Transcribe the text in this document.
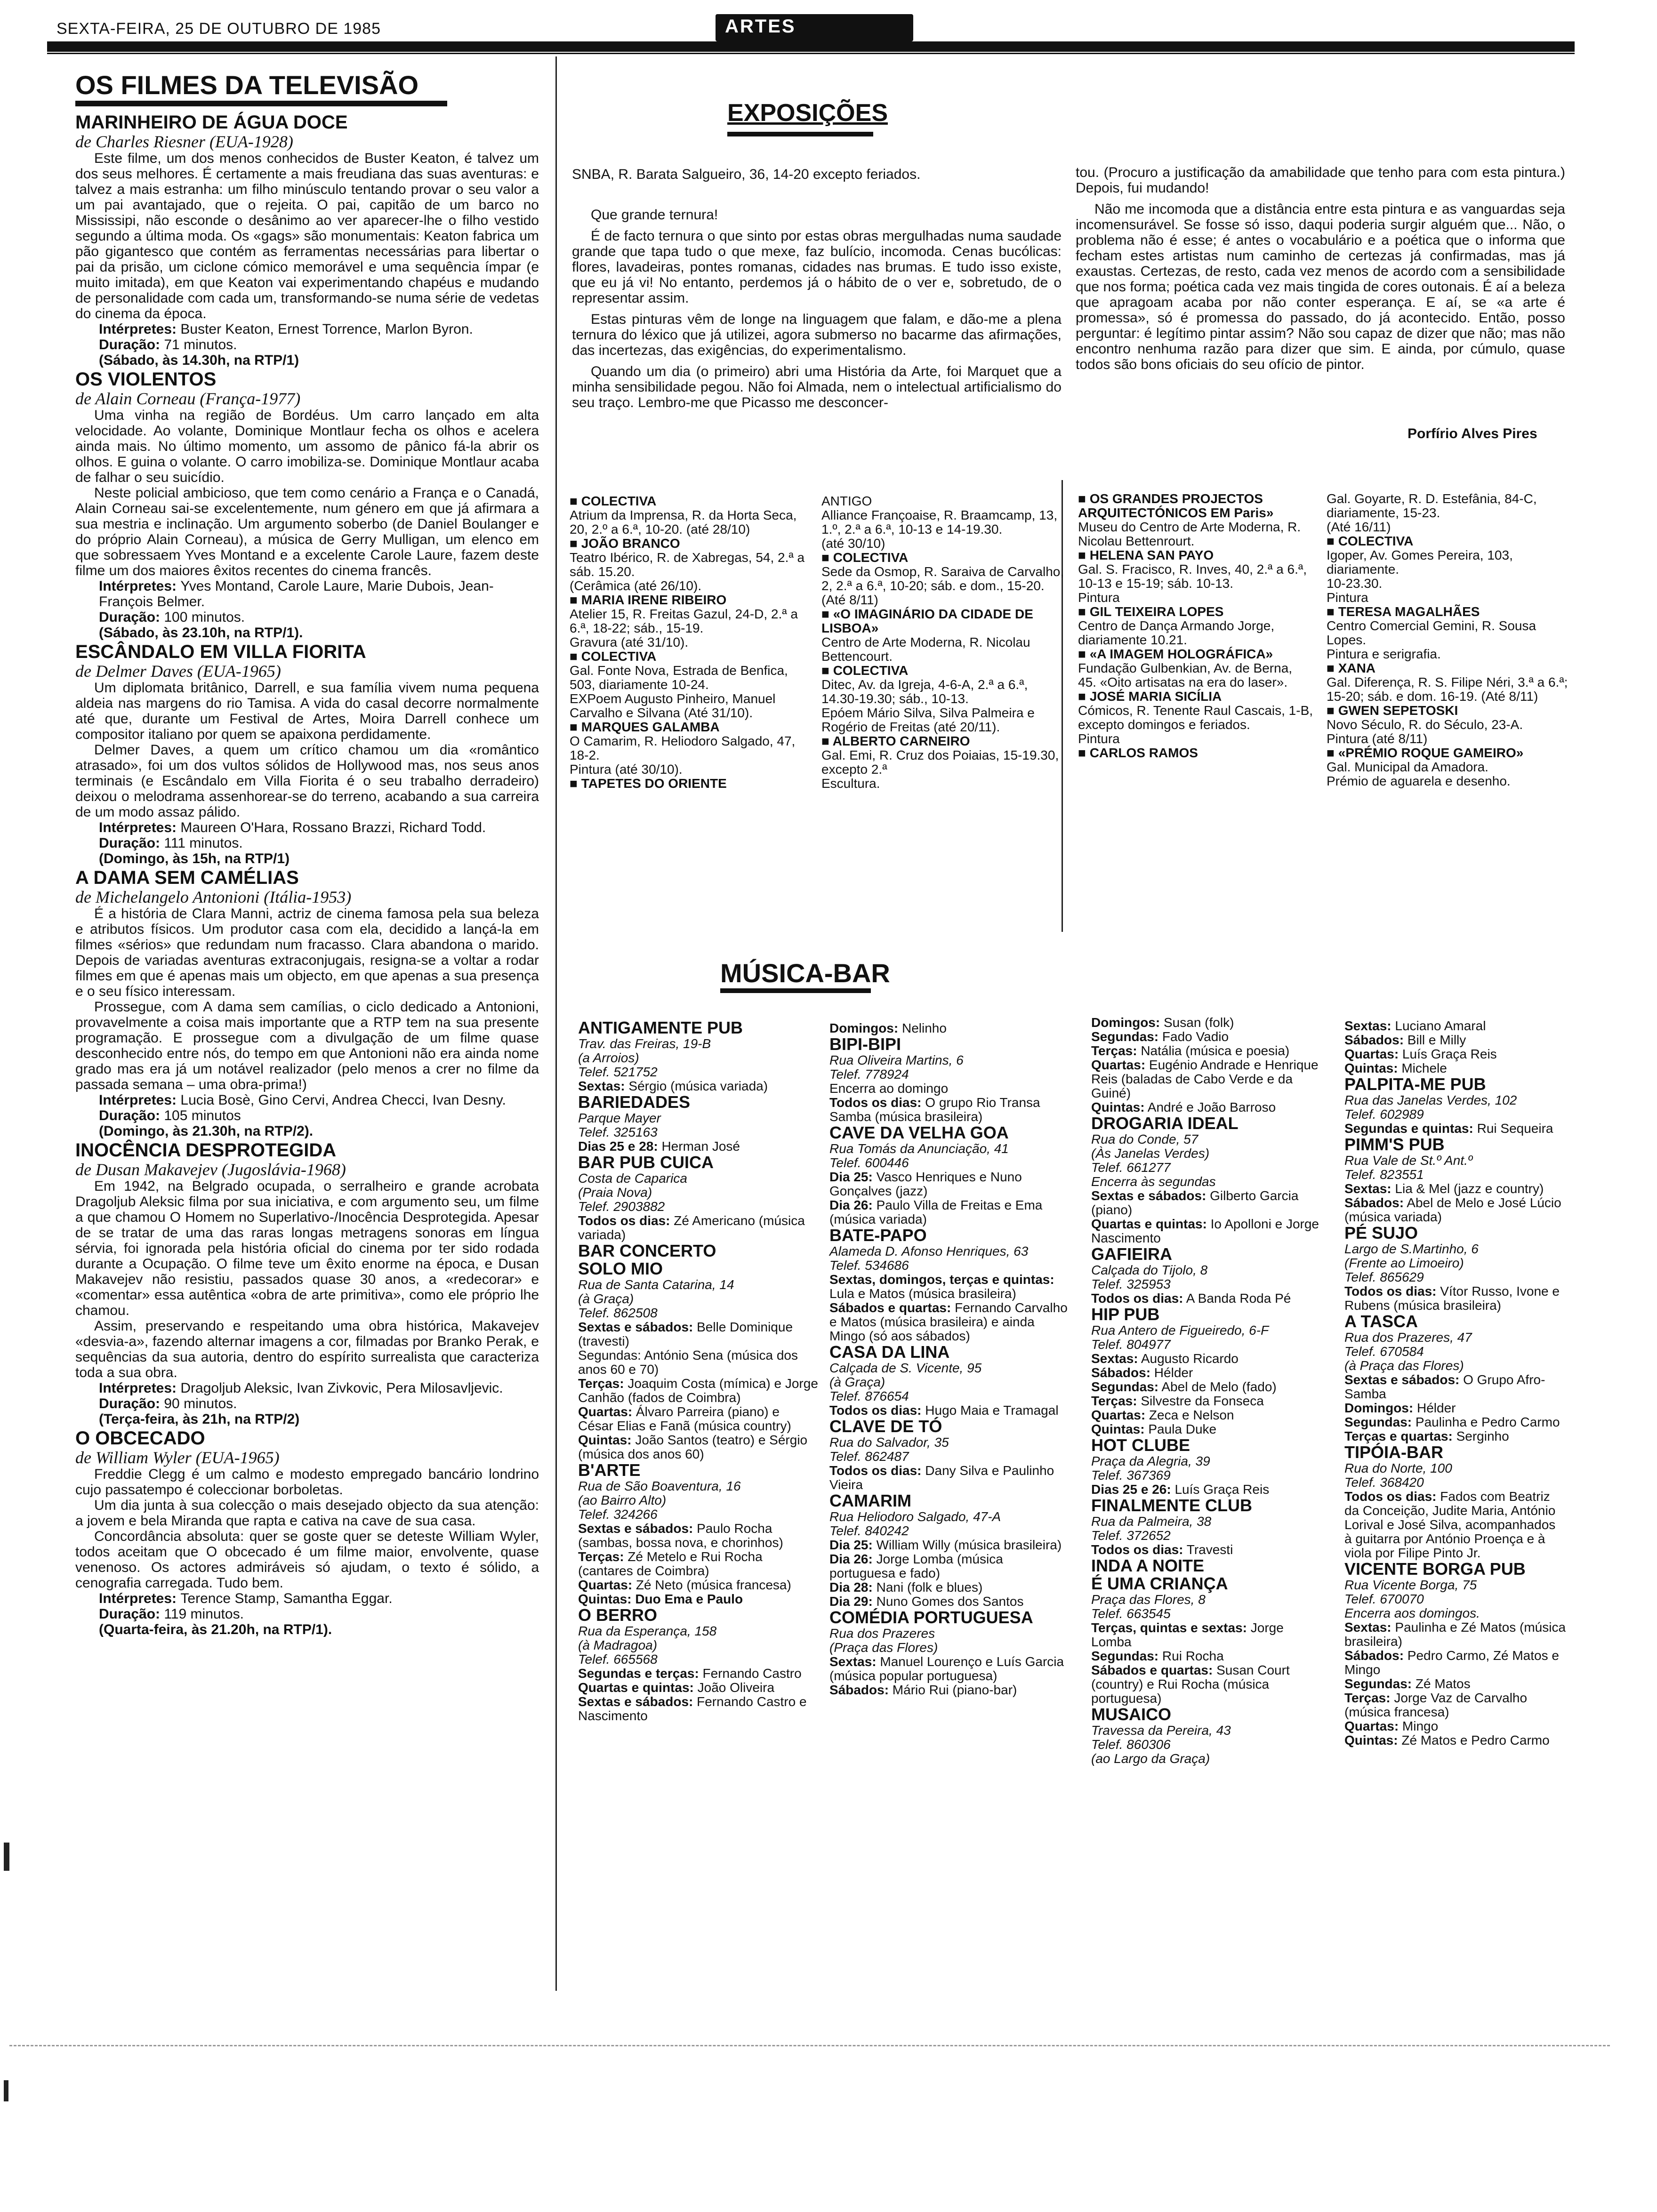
SEXTA-FEIRA, 25 DE OUTUBRO DE 1985	ARTES
OS FILMES DA TELEVISÃO
MARINHEIRO DE ÁGUA DOCE
de Charles Riesner (EUA-1928)

Este filme, um dos menos conhecidos de Buster Keaton, é talvez um dos seus melhores. É certamente a mais freudiana das suas aventuras: e talvez a mais estranha: um filho minúsculo tentando provar o seu valor a um pai avantajado, que o rejeita. O pai, capitão de um barco no Mississipi, não esconde o desânimo ao ver aparecer-lhe o filho vestido segundo a última moda. Os «gags» são monumentais: Keaton fabrica um pão gigantesco que contém as ferramentas necessárias para libertar o pai da prisão, um ciclone cómico memorável e uma sequência ímpar (e muito imitada), em que Keaton vai experimentando chapéus e mudando de personalidade com cada um, transformando-se numa série de vedetas do cinema da época.

Intérpretes: Buster Keaton, Ernest Torrence, Marlon Byron.
Duração: 71 minutos.
(Sábado, às 14.30h, na RTP/1)
OS VIOLENTOS
de Alain Corneau (França-1977)

Uma vinha na região de Bordéus. Um carro lançado em alta velocidade. Ao volante, Dominique Montlaur fecha os olhos e acelera ainda mais. No último momento, um assomo de pânico fá-la abrir os olhos. E guina o volante. O carro imobiliza-se. Dominique Montlaur acaba de falhar o seu suicídio.

Neste policial ambicioso, que tem como cenário a França e o Canadá, Alain Corneau sai-se excelentemente, num género em que já afirmara a sua mestria e inclinação. Um argumento soberbo (de Daniel Boulanger e do próprio Alain Corneau), a música de Gerry Mulligan, um elenco em que sobressaem Yves Montand e a excelente Carole Laure, fazem deste filme um dos maiores êxitos recentes do cinema francês.

Intérpretes: Yves Montand, Carole Laure, Marie Dubois, Jean-François Belmer.
Duração: 100 minutos.
(Sábado, às 23.10h, na RTP/1).
ESCÂNDALO EM VILLA FIORITA
de Delmer Daves (EUA-1965)

Um diplomata britânico, Darrell, e sua família vivem numa pequena aldeia nas margens do rio Tamisa. A vida do casal decorre normalmente até que, durante um Festival de Artes, Moira Darrell conhece um compositor italiano por quem se apaixona perdidamente.

Delmer Daves, a quem um crítico chamou um dia «romântico atrasado», foi um dos vultos sólidos de Hollywood mas, nos seus anos terminais (e Escândalo em Villa Fiorita é o seu trabalho derradeiro) deixou o melodrama assenhorear-se do terreno, acabando a sua carreira de um modo assaz pálido.

Intérpretes: Maureen O'Hara, Rossano Brazzi, Richard Todd.
Duração: 111 minutos.
(Domingo, às 15h, na RTP/1)
A DAMA SEM CAMÉLIAS
de Michelangelo Antonioni (Itália-1953)

É a história de Clara Manni, actriz de cinema famosa pela sua beleza e atributos físicos. Um produtor casa com ela, decidido a lançá-la em filmes «sérios» que redundam num fracasso. Clara abandona o marido. Depois de variadas aventuras extraconjugais, resigna-se a voltar a rodar filmes em que é apenas mais um objecto, em que apenas a sua presença e o seu físico interessam.

Prossegue, com A dama sem camílias, o ciclo dedicado a Antonioni, provavelmente a coisa mais importante que a RTP tem na sua presente programação. E prossegue com a divulgação de um filme quase desconhecido entre nós, do tempo em que Antonioni não era ainda nome grado mas era já um notável realizador (pelo menos a crer no filme da passada semana – uma obra-prima!)

Intérpretes: Lucia Bosè, Gino Cervi, Andrea Checci, Ivan Desny.
Duração: 105 minutos
(Domingo, às 21.30h, na RTP/2).
INOCÊNCIA DESPROTEGIDA
de Dusan Makavejev (Jugoslávia-1968)

Em 1942, na Belgrado ocupada, o serralheiro e grande acrobata Dragoljub Aleksic filma por sua iniciativa, e com argumento seu, um filme a que chamou O Homem no Superlativo-/Inocência Desprotegida. Apesar de se tratar de uma das raras longas metragens sonoras em língua sérvia, foi ignorada pela história oficial do cinema por ter sido rodada durante a Ocupação. O filme teve um êxito enorme na época, e Dusan Makavejev não resistiu, passados quase 30 anos, a «redecorar» e «comentar» essa autêntica «obra de arte primitiva», como ele próprio lhe chamou.

Assim, preservando e respeitando uma obra histórica, Makavejev «desvia-a», fazendo alternar imagens a cor, filmadas por Branko Perak, e sequências da sua autoria, dentro do espírito surrealista que caracteriza toda a sua obra.

Intérpretes: Dragoljub Aleksic, Ivan Zivkovic, Pera Milosavljevic.
Duração: 90 minutos.
(Terça-feira, às 21h, na RTP/2)
O OBCECADO
de William Wyler (EUA-1965)

Freddie Clegg é um calmo e modesto empregado bancário londrino cujo passatempo é coleccionar borboletas.

Um dia junta à sua colecção o mais desejado objecto da sua atenção: a jovem e bela Miranda que rapta e cativa na cave de sua casa.

Concordância absoluta: quer se goste quer se deteste William Wyler, todos aceitam que O obcecado é um filme maior, envolvente, quase venenoso. Os actores admiráveis só ajudam, o texto é sólido, a cenografia carregada. Tudo bem.

Intérpretes: Terence Stamp, Samantha Eggar.
Duração: 119 minutos.
(Quarta-feira, às 21.20h, na RTP/1).
EXPOSIÇÕES
SNBA, R. Barata Salgueiro, 36, 14-20 excepto feriados.

Que grande ternura!

É de facto ternura o que sinto por estas obras mergulhadas numa saudade grande que tapa tudo o que mexe, faz bulício, incomoda. Cenas bucólicas: flores, lavadeiras, pontes romanas, cidades nas brumas. E tudo isso existe, que eu já vi! No entanto, perdemos já o hábito de o ver e, sobretudo, de o representar assim.

Estas pinturas vêm de longe na linguagem que falam, e dão-me a plena ternura do léxico que já utilizei, agora submerso no bacarme das afirmações, das incertezas, das exigências, do experimentalismo.

Quando um dia (o primeiro) abri uma História da Arte, foi Marquet que a minha sensibilidade pegou. Não foi Almada, nem o intelectual artificialismo do seu traço. Lembro-me que Picasso me desconcer-

tou. (Procuro a justificação da amabilidade que tenho para com esta pintura.) Depois, fui mudando!

Não me incomoda que a distância entre esta pintura e as vanguardas seja incomensurável. Se fosse só isso, daqui poderia surgir alguém que... Não, o problema não é esse; é antes o vocabulário e a poética que o informa que fecham estes artistas num caminho de certezas já confirmadas, mas já exaustas. Certezas, de resto, cada vez menos de acordo com a sensibilidade que nos forma; poética cada vez mais tingida de cores outonais. É aí a beleza que apragoam acaba por não conter esperança. E aí, se «a arte é promessa», só é promessa do passado, do já acontecido. Então, posso perguntar: é legítimo pintar assim? Não sou capaz de dizer que não; mas não encontro nenhuma razão para dizer que sim. E ainda, por cúmulo, quase todos são bons oficiais do seu ofício de pintor.

Porfírio Alves Pires
■ COLECTIVA
Atrium da Imprensa, R. da Horta Seca, 20, 2.º a 6.ª, 10-20. (até 28/10)
■ JOÃO BRANCO
Teatro Ibérico, R. de Xabregas, 54, 2.ª a sáb. 15.20.
(Cerâmica (até 26/10).
■ MARIA IRENE RIBEIRO
Atelier 15, R. Freitas Gazul, 24-D, 2.ª a 6.ª, 18-22; sáb., 15-19.
Gravura (até 31/10).
■ COLECTIVA
Gal. Fonte Nova, Estrada de Benfica, 503, diariamente 10-24.
EXPoem Augusto Pinheiro, Manuel Carvalho e Silvana (Até 31/10).
■ MARQUES GALAMBA
O Camarim, R. Heliodoro Salgado, 47, 18-2.
Pintura (até 30/10).
■ TAPETES DO ORIENTE
ANTIGO
Alliance Françoaise, R. Braamcamp, 13, 1.º, 2.ª a 6.ª, 10-13 e 14-19.30.
(até 30/10)
■ COLECTIVA
Sede da Osmop, R. Saraiva de Carvalho, 2, 2.ª a 6.ª, 10-20; sáb. e dom., 15-20.
(Até 8/11)
■ «O IMAGINÁRIO DA CIDADE DE LISBOA»
Centro de Arte Moderna, R. Nicolau Bettencourt.
■ COLECTIVA
Ditec, Av. da Igreja, 4-6-A, 2.ª a 6.ª, 14.30-19.30; sáb., 10-13.
Epóem Mário Silva, Silva Palmeira e Rogério de Freitas (até 20/11).
■ ALBERTO CARNEIRO
Gal. Emi, R. Cruz dos Poiaias, 15-19.30, excepto 2.ª
Escultura.
■ OS GRANDES PROJECTOS ARQUITECTÓNICOS EM Paris»
Museu do Centro de Arte Moderna, R. Nicolau Bettenrourt.
■ HELENA SAN PAYO
Gal. S. Fracisco, R. Inves, 40, 2.ª a 6.ª, 10-13 e 15-19; sáb. 10-13.
Pintura
■ GIL TEIXEIRA LOPES
Centro de Dança Armando Jorge, diariamente 10.21.
■ «A IMAGEM HOLOGRÁFICA»
Fundação Gulbenkian, Av. de Berna, 45. «Oito artisatas na era do laser».
■ JOSÉ MARIA SICÍLIA
Cómicos, R. Tenente Raul Cascais, 1-B, excepto domingos e feriados.
Pintura
■ CARLOS RAMOS
Gal. Goyarte, R. D. Estefânia, 84-C, diariamente, 15-23.
(Até 16/11)
■ COLECTIVA
Igoper, Av. Gomes Pereira, 103, diariamente.
10-23.30.
Pintura
■ TERESA MAGALHÃES
Centro Comercial Gemini, R. Sousa Lopes.
Pintura e serigrafia.
■ XANA
Gal. Diferença, R. S. Filipe Néri, 3.ª a 6.ª; 15-20; sáb. e dom. 16-19. (Até 8/11)
■ GWEN SEPETOSKI
Novo Século, R. do Século, 23-A.
Pintura (até 8/11)
■ «PRÉMIO ROQUE GAMEIRO»
Gal. Municipal da Amadora.
Prémio de aguarela e desenho.
MÚSICA-BAR
ANTIGAMENTE PUB
Trav. das Freiras, 19-B
(a Arroios)
Telef. 521752
Sextas: Sérgio (música variada)
BARIEDADES
Parque Mayer
Telef. 325163
Dias 25 e 28: Herman José
BAR PUB CUICA
Costa de Caparica
(Praia Nova)
Telef. 2903882
Todos os dias: Zé Americano (música variada)
BAR CONCERTO
SOLO MIO
Rua de Santa Catarina, 14
(à Graça)
Telef. 862508
Sextas e sábados: Belle Dominique (travesti)
Segundas: António Sena (música dos anos 60 e 70)
Terças: Joaquim Costa (mímica) e Jorge Canhão (fados de Coimbra)
Quartas: Álvaro Parreira (piano) e César Elias e Fanã (música country)
Quintas: João Santos (teatro) e Sérgio (música dos anos 60)
B'ARTE
Rua de São Boaventura, 16
(ao Bairro Alto)
Telef. 324266
Sextas e sábados: Paulo Rocha (sambas, bossa nova, e chorinhos)
Terças: Zé Metelo e Rui Rocha (cantares de Coimbra)
Quartas: Zé Neto (música francesa)
Quintas: Duo Ema e Paulo
O BERRO
Rua da Esperança, 158
(à Madragoa)
Telef. 665568
Segundas e terças: Fernando Castro
Quartas e quintas: João Oliveira
Sextas e sábados: Fernando Castro e Nascimento
Domingos: Nelinho
BIPI-BIPI
Rua Oliveira Martins, 6
Telef. 778924
Encerra ao domingo
Todos os dias: O grupo Rio Transa Samba (música brasileira)
CAVE DA VELHA GOA
Rua Tomás da Anunciação, 41
Telef. 600446
Dia 25: Vasco Henriques e Nuno Gonçalves (jazz)
Dia 26: Paulo Villa de Freitas e Ema (música variada)
BATE-PAPO
Alameda D. Afonso Henriques, 63
Telef. 534686
Sextas, domingos, terças e quintas: Lula e Matos (música brasileira)
Sábados e quartas: Fernando Carvalho e Matos (música brasileira) e ainda Mingo (só aos sábados)
CASA DA LINA
Calçada de S. Vicente, 95
(à Graça)
Telef. 876654
Todos os dias: Hugo Maia e Tramagal
CLAVE DE TÓ
Rua do Salvador, 35
Telef. 862487
Todos os dias: Dany Silva e Paulinho Vieira
CAMARIM
Rua Heliodoro Salgado, 47-A
Telef. 840242
Dia 25: William Willy (música brasileira)
Dia 26: Jorge Lomba (música portuguesa e fado)
Dia 28: Nani (folk e blues)
Dia 29: Nuno Gomes dos Santos
COMÉDIA PORTUGUESA
Rua dos Prazeres
(Praça das Flores)
Sextas: Manuel Lourenço e Luís Garcia (música popular portuguesa)
Sábados: Mário Rui (piano-bar)
Domingos: Susan (folk)
Segundas: Fado Vadio
Terças: Natália (música e poesia)
Quartas: Eugénio Andrade e Henrique Reis (baladas de Cabo Verde e da Guiné)
Quintas: André e João Barroso
DROGARIA IDEAL
Rua do Conde, 57
(Às Janelas Verdes)
Telef. 661277
Encerra às segundas
Sextas e sábados: Gilberto Garcia (piano)
Quartas e quintas: Io Apolloni e Jorge Nascimento
GAFIEIRA
Calçada do Tijolo, 8
Telef. 325953
Todos os dias: A Banda Roda Pé
HIP PUB
Rua Antero de Figueiredo, 6-F
Telef. 804977
Sextas: Augusto Ricardo
Sábados: Hélder
Segundas: Abel de Melo (fado)
Terças: Silvestre da Fonseca
Quartas: Zeca e Nelson
Quintas: Paula Duke
HOT CLUBE
Praça da Alegria, 39
Telef. 367369
Dias 25 e 26: Luís Graça Reis
FINALMENTE CLUB
Rua da Palmeira, 38
Telef. 372652
Todos os dias: Travesti
INDA A NOITE
É UMA CRIANÇA
Praça das Flores, 8
Telef. 663545
Terças, quintas e sextas: Jorge Lomba
Segundas: Rui Rocha
Sábados e quartas: Susan Court (country) e Rui Rocha (música portuguesa)
MUSAICO
Travessa da Pereira, 43
Telef. 860306
(ao Largo da Graça)
Sextas: Luciano Amaral
Sábados: Bill e Milly
Quartas: Luís Graça Reis
Quintas: Michele
PALPITA-ME PUB
Rua das Janelas Verdes, 102
Telef. 602989
Segundas e quintas: Rui Sequeira
PIMM'S PUB
Rua Vale de St.º Ant.º
Telef. 823551
Sextas: Lia & Mel (jazz e country)
Sábados: Abel de Melo e José Lúcio (música variada)
PÉ SUJO
Largo de S.Martinho, 6
(Frente ao Limoeiro)
Telef. 865629
Todos os dias: Vítor Russo, Ivone e Rubens (música brasileira)
A TASCA
Rua dos Prazeres, 47
Telef. 670584
(à Praça das Flores)
Sextas e sábados: O Grupo Afro-Samba
Domingos: Hélder
Segundas: Paulinha e Pedro Carmo
Terças e quartas: Serginho
TIPÓIA-BAR
Rua do Norte, 100
Telef. 368420
Todos os dias: Fados com Beatriz da Conceição, Judite Maria, António Lorival e José Silva, acompanhados à guitarra por António Proença e à viola por Filipe Pinto Jr.
VICENTE BORGA PUB
Rua Vicente Borga, 75
Telef. 670070
Encerra aos domingos.
Sextas: Paulinha e Zé Matos (música brasileira)
Sábados: Pedro Carmo, Zé Matos e Mingo
Segundas: Zé Matos
Terças: Jorge Vaz de Carvalho (música francesa)
Quartas: Mingo
Quintas: Zé Matos e Pedro Carmo
